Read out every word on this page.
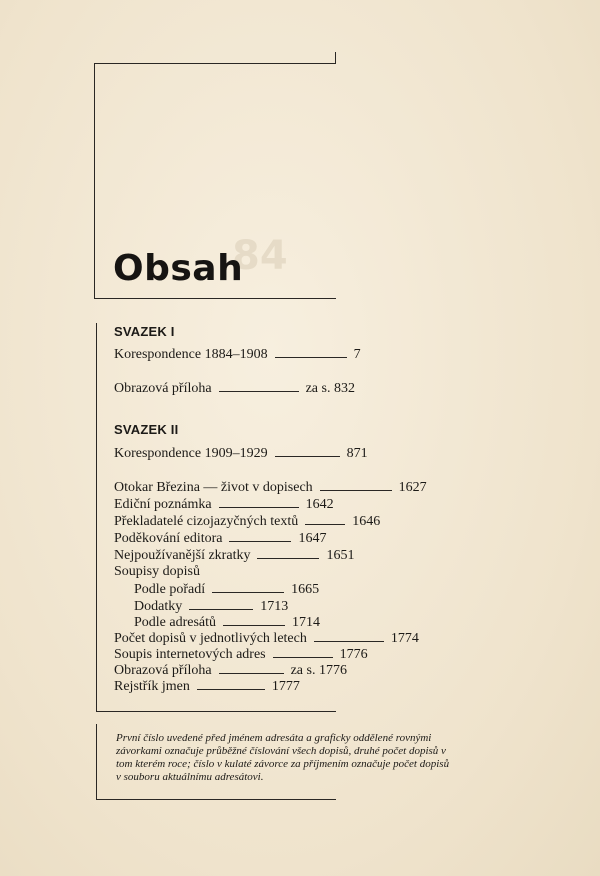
84
Obsah
SVAZEK I
Korespondence 1884–1908	7
Obrazová příloha	za s. 832
SVAZEK II
Korespondence 1909–1929	871
Otokar Březina — život v dopisech	1627
Ediční poznámka	1642
Překladatelé cizojazyčných textů	1646
Poděkování editora	1647
Nejpoužívanější zkratky	1651
Soupisy dopisů
Podle pořadí	1665
Dodatky	1713
Podle adresátů	1714
Počet dopisů v jednotlivých letech	1774
Soupis internetových adres	1776
Obrazová příloha	za s. 1776
Rejstřík jmen	1777
První číslo uvedené před jménem adresáta a graficky oddělené rovnými závorkami označuje průběžné číslování všech dopisů, druhé počet dopisů v tom kterém roce; číslo v kulaté závorce za příjmením označuje počet dopisů v souboru aktuálnímu adresátovi.
